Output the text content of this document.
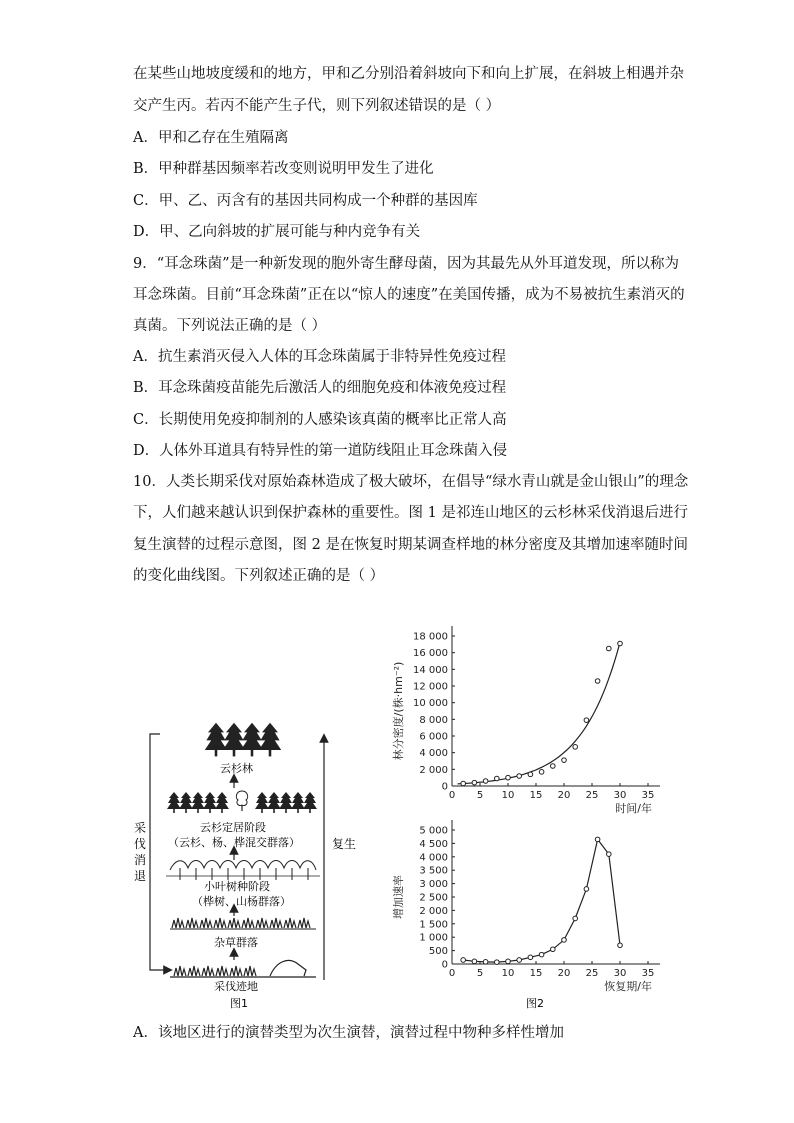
在某些山地坡度缓和的地方，甲和乙分别沿着斜坡向下和向上扩展，在斜坡上相遇并杂
交产生丙。若丙不能产生子代，则下列叙述错误的是（ ）
A．甲和乙存在生殖隔离
B．甲种群基因频率若改变则说明甲发生了进化
C．甲、乙、丙含有的基因共同构成一个种群的基因库
D．甲、乙向斜坡的扩展可能与种内竞争有关
9．“耳念珠菌”是一种新发现的胞外寄生酵母菌，因为其最先从外耳道发现，所以称为
耳念珠菌。目前“耳念珠菌”正在以“惊人的速度”在美国传播，成为不易被抗生素消灭的
真菌。下列说法正确的是（ ）
A．抗生素消灭侵入人体的耳念珠菌属于非特异性免疫过程
B．耳念珠菌疫苗能先后激活人的细胞免疫和体液免疫过程
C．长期使用免疫抑制剂的人感染该真菌的概率比正常人高
D．人体外耳道具有特异性的第一道防线阻止耳念珠菌入侵
10．人类长期采伐对原始森林造成了极大破坏，在倡导“绿水青山就是金山银山”的理念
下，人们越来越认识到保护森林的重要性。图 1 是祁连山地区的云杉林采伐消退后进行
复生演替的过程示意图，图 2 是在恢复时期某调查样地的林分密度及其增加速率随时间
的变化曲线图。下列叙述正确的是（ ）
A．该地区进行的演替类型为次生演替，演替过程中物种多样性增加
采
伐
消
退
复生
云杉林
云杉定居阶段
（云杉、杨、桦混交群落）
小叶树种阶段
（桦树、山杨群落）
杂草群落
采伐迹地
图1	图2
0 5 10 15 20 25 30 35
0
2 000
4 000
6 000
8 000
10 000
12 000
14 000
16 000
18 000
时间/年
林分密度/(株·hm⁻²)
0 5 10 15 20 25 30 35
0
500
1 000
1 500
2 000
2 500
3 000
3 500
4 000
4 500
5 000
恢复期/年
增加速率
